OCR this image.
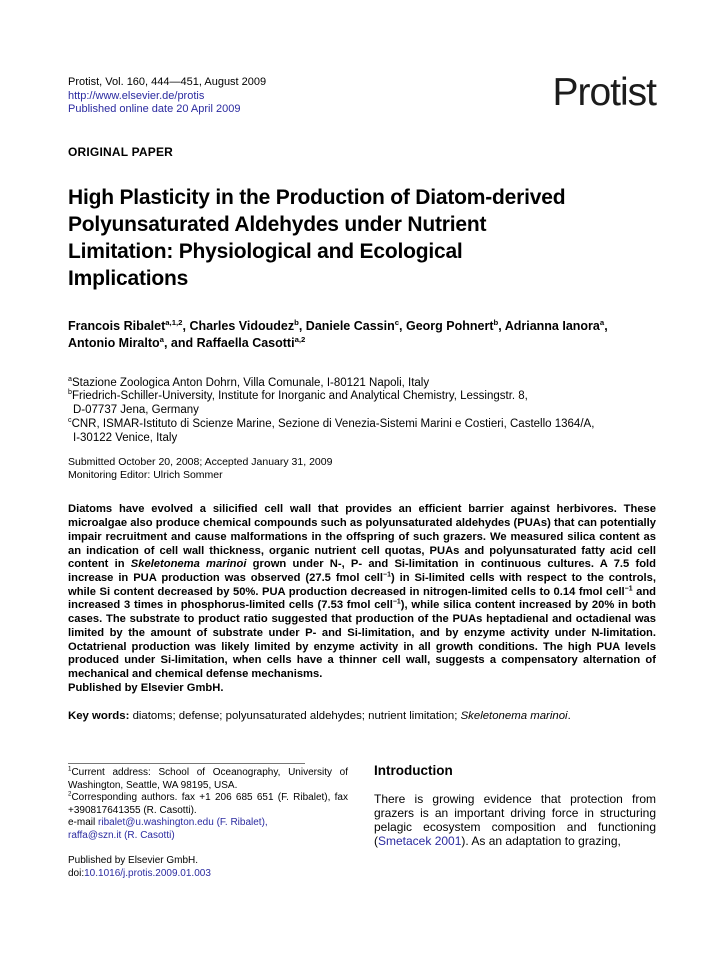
Protist, Vol. 160, 444—451, August 2009
http://www.elsevier.de/protis
Published online date 20 April 2009	Protist
ORIGINAL PAPER
High Plasticity in the Production of Diatom-derived
Polyunsaturated Aldehydes under Nutrient
Limitation: Physiological and Ecological
Implications
Francois Ribalet$^{a,1,2}$, Charles Vidoudez$^b$, Daniele Cassin$^c$, Georg Pohnert$^b$, Adrianna Ianora$^a$,
Antonio Miralto$^a$, and Raffaella Casotti$^{a,2}$
$^a$Stazione Zoologica Anton Dohrn, Villa Comunale, I-80121 Napoli, Italy
$^b$Friedrich-Schiller-University, Institute for Inorganic and Analytical Chemistry, Lessingstr. 8,
D-07737 Jena, Germany
$^c$CNR, ISMAR-Istituto di Scienze Marine, Sezione di Venezia-Sistemi Marini e Costieri, Castello 1364/A,
I-30122 Venice, Italy
Submitted October 20, 2008; Accepted January 31, 2009
Monitoring Editor: Ulrich Sommer

Diatoms have evolved a silicified cell wall that provides an efficient barrier against herbivores. These microalgae also produce chemical compounds such as polyunsaturated aldehydes (PUAs) that can potentially impair recruitment and cause malformations in the offspring of such grazers. We measured silica content as an indication of cell wall thickness, organic nutrient cell quotas, PUAs and polyunsaturated fatty acid cell content in Skeletonema marinoi grown under N-, P- and Si-limitation in continuous cultures. A 7.5 fold increase in PUA production was observed (27.5 fmol cell$^{-1}$) in Si-limited cells with respect to the controls, while Si content decreased by 50%. PUA production decreased in nitrogen-limited cells to 0.14 fmol cell$^{-1}$ and increased 3 times in phosphorus-limited cells (7.53 fmol cell$^{-1}$), while silica content increased by 20% in both cases. The substrate to product ratio suggested that production of the PUAs heptadienal and octadienal was limited by the amount of substrate under P- and Si-limitation, and by enzyme activity under N-limitation. Octatrienal production was likely limited by enzyme activity in all growth conditions. The high PUA levels produced under Si-limitation, when cells have a thinner cell wall, suggests a compensatory alternation of mechanical and chemical defense mechanisms.

Published by Elsevier GmbH.

Key words: diatoms; defense; polyunsaturated aldehydes; nutrient limitation; Skeletonema marinoi.

$^1$Current address: School of Oceanography, University of Washington, Seattle, WA 98195, USA.

$^2$Corresponding authors. fax +1 206 685 651 (F. Ribalet), fax +390817641355 (R. Casotti).

e-mail ribalet@u.washington.edu (F. Ribalet),

raffa@szn.it (R. Casotti)

Published by Elsevier GmbH.

doi:10.1016/j.protis.2009.01.003

Introduction

There is growing evidence that protection from grazers is an important driving force in structuring pelagic ecosystem composition and functioning (Smetacek 2001). As an adaptation to grazing,
